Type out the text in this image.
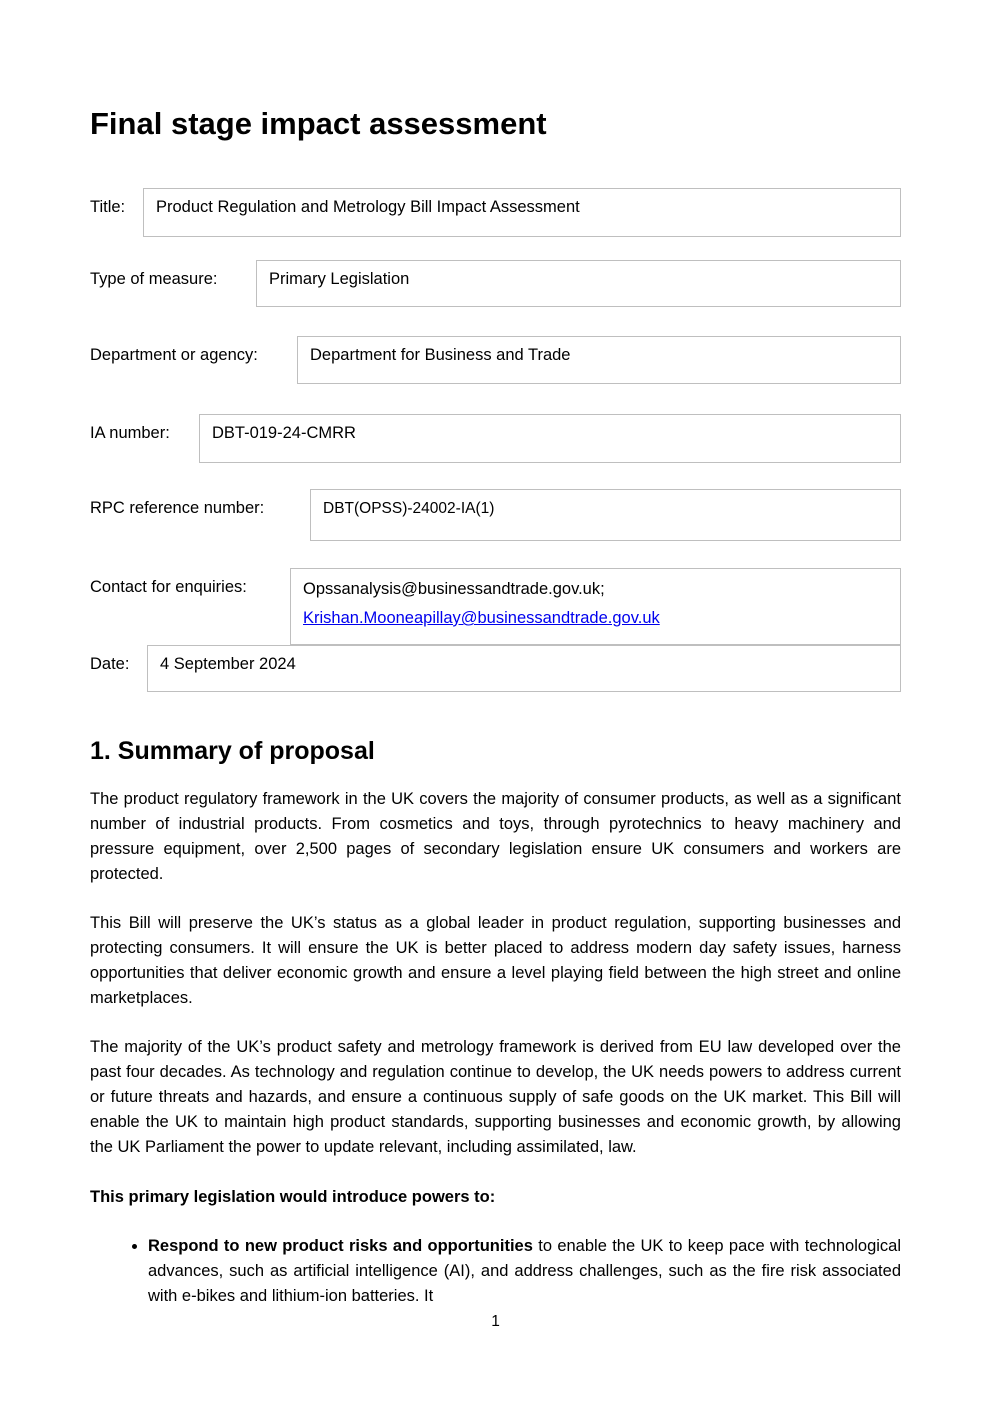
Final stage impact assessment
Title:	Product Regulation and Metrology Bill Impact Assessment
Type of measure:	Primary Legislation
Department or agency:	Department for Business and Trade
IA number:	DBT-019-24-CMRR
RPC reference number:	DBT(OPSS)-24002-IA(1)
Contact for enquiries:	Opssanalysis@businessandtrade.gov.uk;
Krishan.Mooneapillay@businessandtrade.gov.uk
Date:	4 September 2024
1. Summary of proposal

The product regulatory framework in the UK covers the majority of consumer products, as well as a significant number of industrial products. From cosmetics and toys, through pyrotechnics to heavy machinery and pressure equipment, over 2,500 pages of secondary legislation ensure UK consumers and workers are protected.

This Bill will preserve the UK’s status as a global leader in product regulation, supporting businesses and protecting consumers. It will ensure the UK is better placed to address modern day safety issues, harness opportunities that deliver economic growth and ensure a level playing field between the high street and online marketplaces.

The majority of the UK’s product safety and metrology framework is derived from EU law developed over the past four decades. As technology and regulation continue to develop, the UK needs powers to address current or future threats and hazards, and ensure a continuous supply of safe goods on the UK market. This Bill will enable the UK to maintain high product standards, supporting businesses and economic growth, by allowing the UK Parliament the power to update relevant, including assimilated, law.

This primary legislation would introduce powers to:

• Respond to new product risks and opportunities to enable the UK to keep pace with technological advances, such as artificial intelligence (AI), and address challenges, such as the fire risk associated with e-bikes and lithium-ion batteries. It
1
